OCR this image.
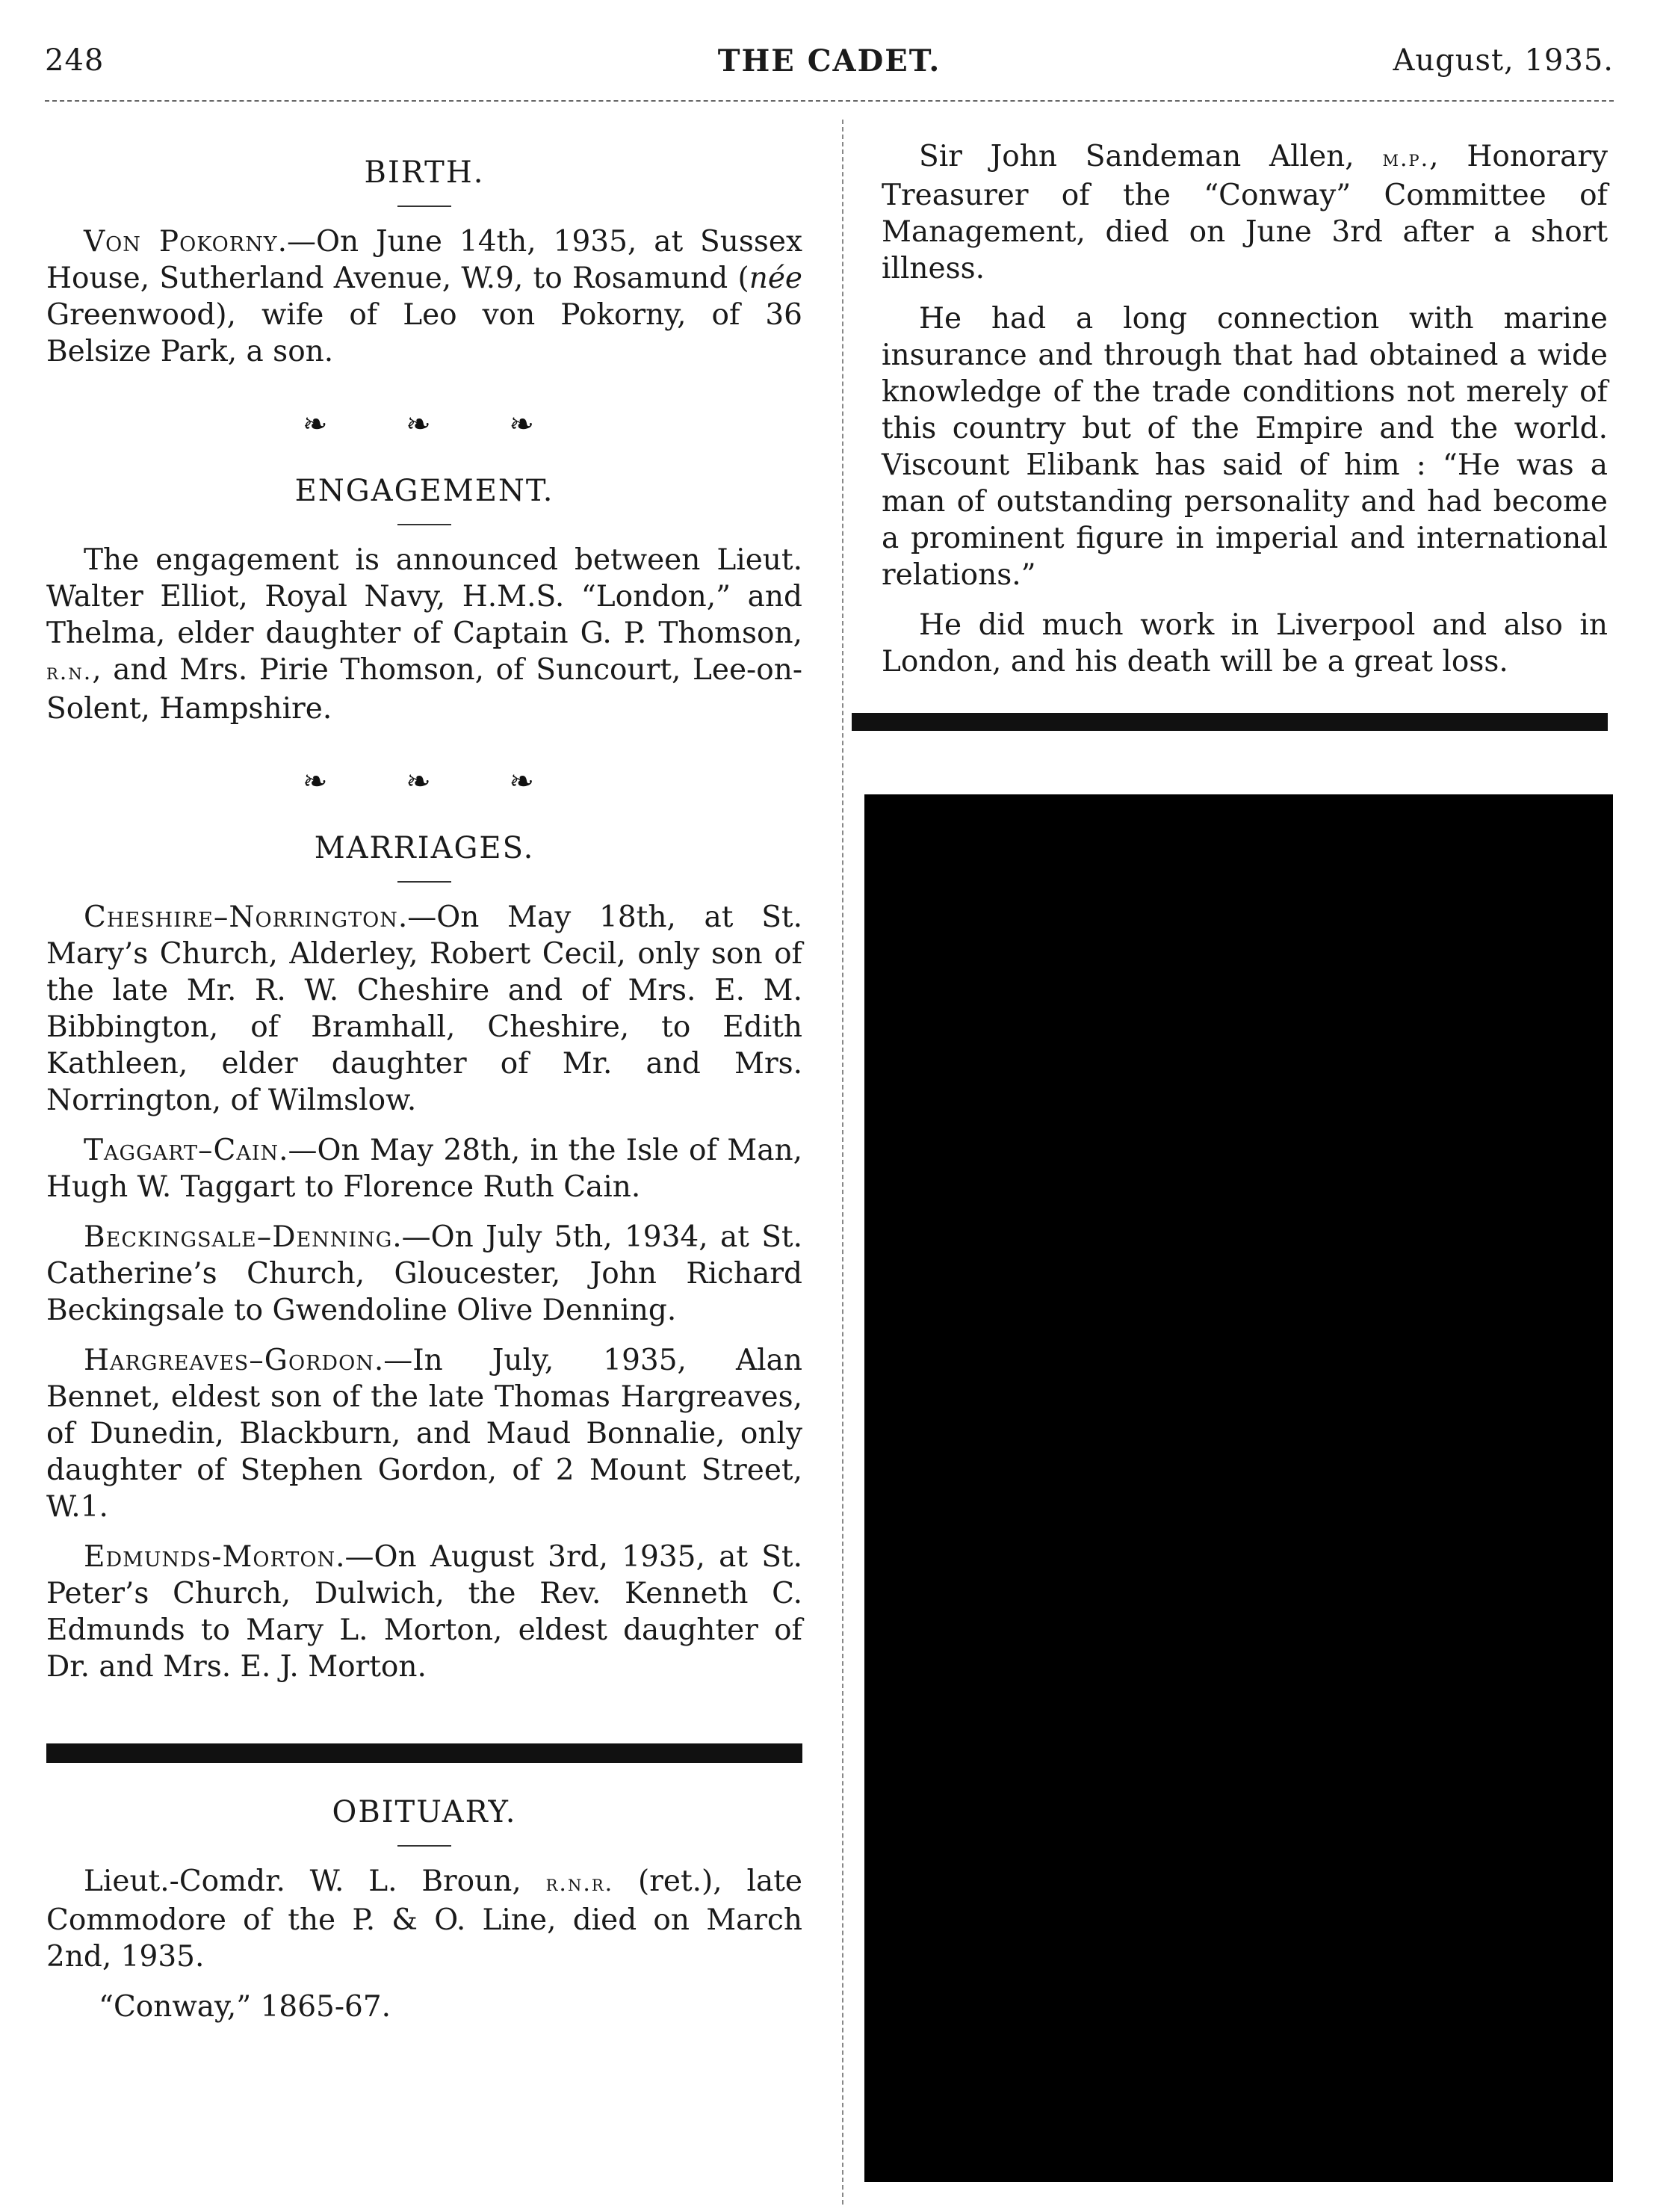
248	THE CADET.	August, 1935.
BIRTH.

Von Pokorny.—On June 14th, 1935, at Sussex House, Sutherland Avenue, W.9, to Rosamund (née Greenwood), wife of Leo von Pokorny, of 36 Belsize Park, a son.

❧ ❧ ❧
ENGAGEMENT.

The engagement is announced between Lieut. Walter Elliot, Royal Navy, H.M.S. “London,” and Thelma, elder daughter of Captain G. P. Thomson, r.n., and Mrs. Pirie Thomson, of Suncourt, Lee-on-Solent, Hampshire.

❧ ❧ ❧
MARRIAGES.

Cheshire–Norrington.—On May 18th, at St. Mary’s Church, Alderley, Robert Cecil, only son of the late Mr. R. W. Cheshire and of Mrs. E. M. Bibbington, of Bramhall, Cheshire, to Edith Kathleen, elder daughter of Mr. and Mrs. Norrington, of Wilmslow.

Taggart–Cain.—On May 28th, in the Isle of Man, Hugh W. Taggart to Florence Ruth Cain.

Beckingsale–Denning.—On July 5th, 1934, at St. Catherine’s Church, Gloucester, John Richard Beckingsale to Gwendoline Olive Denning.

Hargreaves–Gordon.—In July, 1935, Alan Bennet, eldest son of the late Thomas Hargreaves, of Dunedin, Blackburn, and Maud Bonnalie, only daughter of Stephen Gordon, of 2 Mount Street, W.1.

Edmunds-Morton.—On August 3rd, 1935, at St. Peter’s Church, Dulwich, the Rev. Kenneth C. Edmunds to Mary L. Morton, eldest daughter of Dr. and Mrs. E. J. Morton.

OBITUARY.

Lieut.-Comdr. W. L. Broun, r.n.r. (ret.), late Commodore of the P. & O. Line, died on March 2nd, 1935.

“Conway,” 1865-67.

Sir John Sandeman Allen, m.p., Honorary Treasurer of the “Conway” Committee of Management, died on June 3rd after a short illness.

He had a long connection with marine insurance and through that had obtained a wide knowledge of the trade conditions not merely of this country but of the Empire and the world. Viscount Elibank has said of him : “He was a man of outstanding personality and had become a prominent figure in imperial and international relations.”

He did much work in Liverpool and also in London, and his death will be a great loss.
